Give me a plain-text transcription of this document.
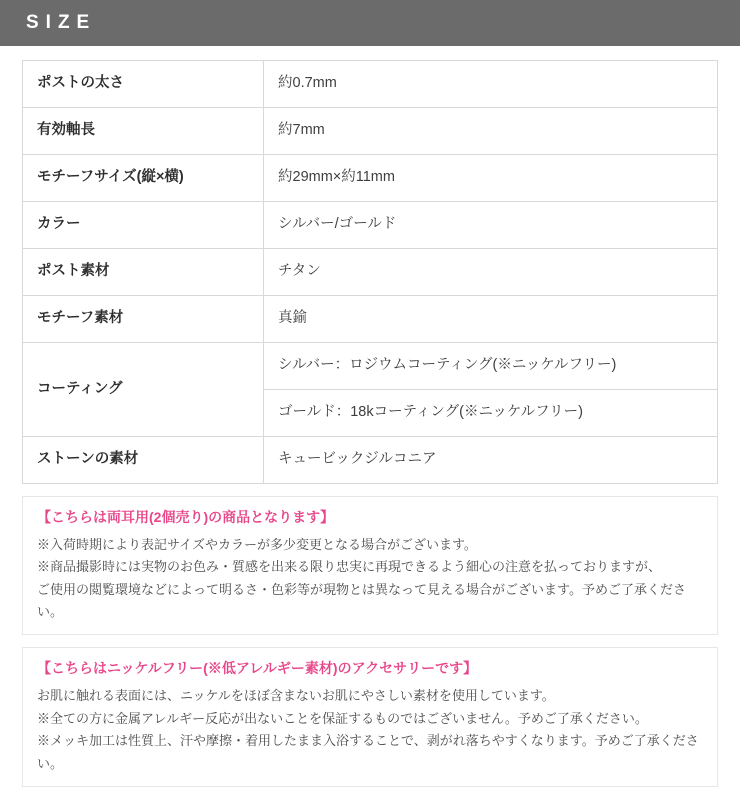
SIZE
ポストの太さ	約0.7mm
有効軸長	約7mm
モチーフサイズ(縦×横)	約29mm×約11mm
カラー	シルバー/ゴールド
ポスト素材	チタン
モチーフ素材	真鍮
コーティング	シルバー：ロジウムコーティング(※ニッケルフリー)
	ゴールド：18kコーティング(※ニッケルフリー)
ストーンの素材	キュービックジルコニア
【こちらは両耳用(2個売り)の商品となります】
※入荷時期により表記サイズやカラーが多少変更となる場合がございます。
※商品撮影時には実物のお色み・質感を出来る限り忠実に再現できるよう細心の注意を払っておりますが、
ご使用の閲覧環境などによって明るさ・色彩等が現物とは異なって見える場合がございます。予めご了承ください。
【こちらはニッケルフリー(※低アレルギー素材)のアクセサリーです】
お肌に触れる表面には、ニッケルをほぼ含まないお肌にやさしい素材を使用しています。
※全ての方に金属アレルギー反応が出ないことを保証するものではございません。予めご了承ください。
※メッキ加工は性質上、汗や摩擦・着用したまま入浴することで、剥がれ落ちやすくなります。予めご了承ください。
